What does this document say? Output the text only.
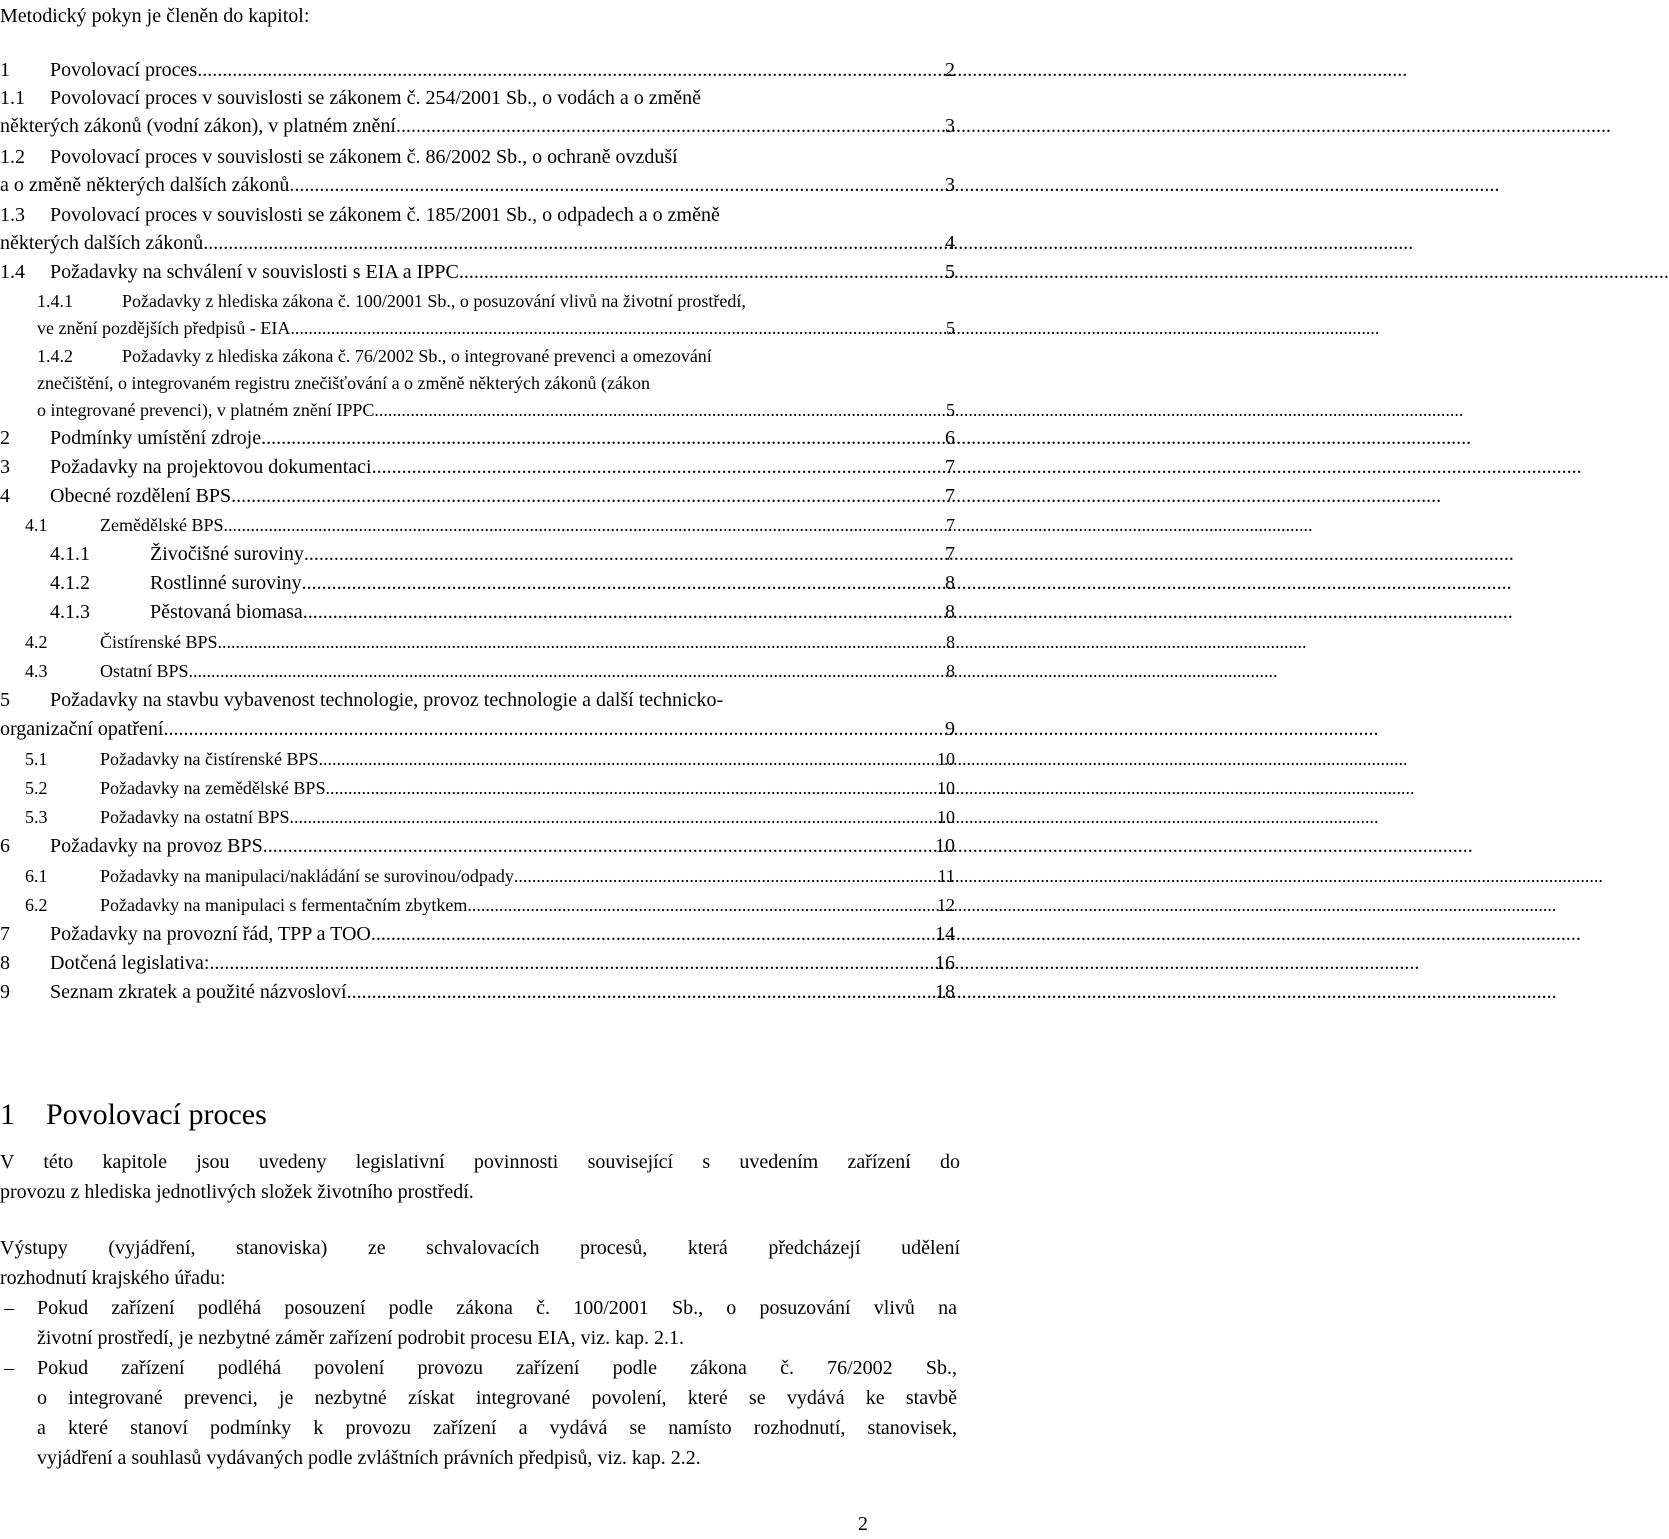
Metodický pokyn je členěn do kapitol:
1	Povolovací proces .....	2
1.1	Povolovací proces v souvislosti se zákonem č. 254/2001 Sb., o vodách a o změně
některých zákonů (vodní zákon), v platném znění. .....	3
1.2	Povolovací proces v souvislosti se zákonem č. 86/2002 Sb., o ochraně ovzduší
a o změně některých dalších zákonů .....	3
1.3	Povolovací proces v souvislosti se zákonem č. 185/2001 Sb., o odpadech a o změně
některých dalších zákonů .....	4
1.4	Požadavky na schválení v souvislosti s EIA a IPPC .....	5
1.4.1	Požadavky z hlediska zákona č. 100/2001 Sb., o posuzování vlivů na životní prostředí,
ve znění pozdějších předpisů - EIA .....	5
1.4.2	Požadavky z hlediska zákona č. 76/2002 Sb., o integrované prevenci a omezování
znečištění, o integrovaném registru znečišťování a o změně některých zákonů (zákon
o integrované prevenci), v platném znění IPPC .....	5
2	Podmínky umístění zdroje .....	6
3	Požadavky na projektovou dokumentaci .....	7
4	Obecné rozdělení BPS .....	7
4.1	Zemědělské BPS .....	7
4.1.1	Živočišné suroviny .....	7
4.1.2	Rostlinné suroviny .....	8
4.1.3	Pěstovaná biomasa .....	8
4.2	Čistírenské BPS .....	8
4.3	Ostatní BPS .....	8
5	Požadavky na stavbu vybavenost technologie, provoz technologie a další technicko-
organizační opatření. .....	9
5.1	Požadavky na čistírenské BPS .....	10
5.2	Požadavky na zemědělské BPS .....	10
5.3	Požadavky na ostatní BPS .....	10
6	Požadavky na provoz BPS .....	10
6.1	Požadavky na manipulaci/nakládání se surovinou/odpady .....	11
6.2	Požadavky na manipulaci s fermentačním zbytkem .....	12
7	Požadavky na provozní řád, TPP a TOO .....	14
8	Dotčená legislativa: .....	16
9	Seznam zkratek a použité názvosloví .....	18
1 Povolovací proces
V této kapitole jsou uvedeny legislativní povinnosti související s uvedením zařízení do
provozu z hlediska jednotlivých složek životního prostředí.
Výstupy (vyjádření, stanoviska) ze schvalovacích procesů, která předcházejí udělení
rozhodnutí krajského úřadu:
–	Pokud zařízení podléhá posouzení podle zákona č. 100/2001 Sb., o posuzování vlivů na
životní prostředí, je nezbytné záměr zařízení podrobit procesu EIA, viz. kap. 2.1.
–	Pokud zařízení podléhá povolení provozu zařízení podle zákona č. 76/2002 Sb.,
o integrované prevenci, je nezbytné získat integrované povolení, které se vydává ke stavbě
a které stanoví podmínky k provozu zařízení a vydává se namísto rozhodnutí, stanovisek,
vyjádření a souhlasů vydávaných podle zvláštních právních předpisů, viz. kap. 2.2.
2
